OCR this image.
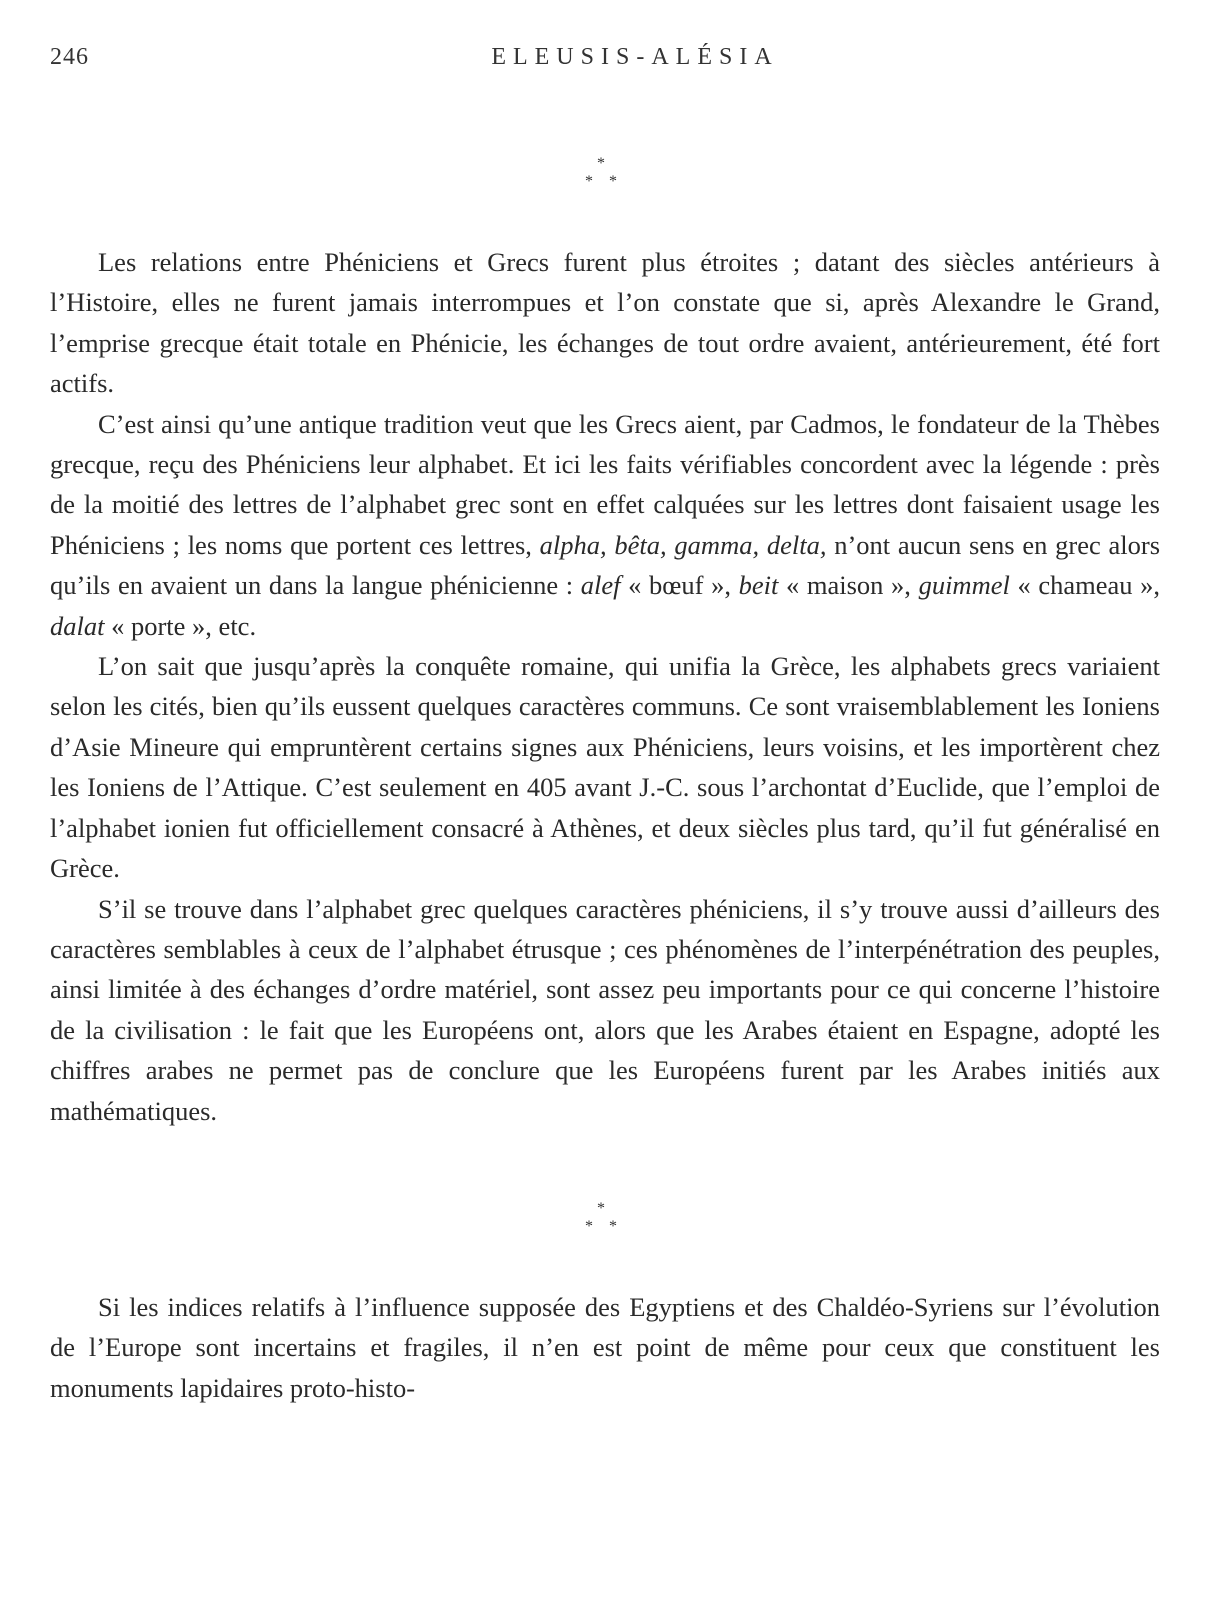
246	ELEUSIS-ALÉSIA
*
* *

Les relations entre Phéniciens et Grecs furent plus étroites ; datant des siècles antérieurs à l’Histoire, elles ne furent jamais interrompues et l’on constate que si, après Alexandre le Grand, l’emprise grecque était totale en Phénicie, les échanges de tout ordre avaient, antérieurement, été fort actifs.

C’est ainsi qu’une antique tradition veut que les Grecs aient, par Cadmos, le fondateur de la Thèbes grecque, reçu des Phéniciens leur alphabet. Et ici les faits vérifiables concordent avec la légende : près de la moitié des lettres de l’alphabet grec sont en effet calquées sur les lettres dont faisaient usage les Phéniciens ; les noms que portent ces lettres, alpha, bêta, gamma, delta, n’ont aucun sens en grec alors qu’ils en avaient un dans la langue phénicienne : alef « bœuf », beit « maison », guimmel « chameau », dalat « porte », etc.

L’on sait que jusqu’après la conquête romaine, qui unifia la Grèce, les alphabets grecs variaient selon les cités, bien qu’ils eussent quelques caractères communs. Ce sont vraisemblablement les Ioniens d’Asie Mineure qui empruntèrent certains signes aux Phéniciens, leurs voisins, et les importèrent chez les Ioniens de l’Attique. C’est seulement en 405 avant J.-C. sous l’archontat d’Euclide, que l’emploi de l’alphabet ionien fut officiellement consacré à Athènes, et deux siècles plus tard, qu’il fut généralisé en Grèce.

S’il se trouve dans l’alphabet grec quelques caractères phéniciens, il s’y trouve aussi d’ailleurs des caractères semblables à ceux de l’alphabet étrusque ; ces phénomènes de l’interpénétration des peuples, ainsi limitée à des échanges d’ordre matériel, sont assez peu importants pour ce qui concerne l’histoire de la civilisation : le fait que les Européens ont, alors que les Arabes étaient en Espagne, adopté les chiffres arabes ne permet pas de conclure que les Européens furent par les Arabes initiés aux mathématiques.

*
* *

Si les indices relatifs à l’influence supposée des Egyptiens et des Chaldéo-Syriens sur l’évolution de l’Europe sont incertains et fragiles, il n’en est point de même pour ceux que constituent les monuments lapidaires proto-histo-
